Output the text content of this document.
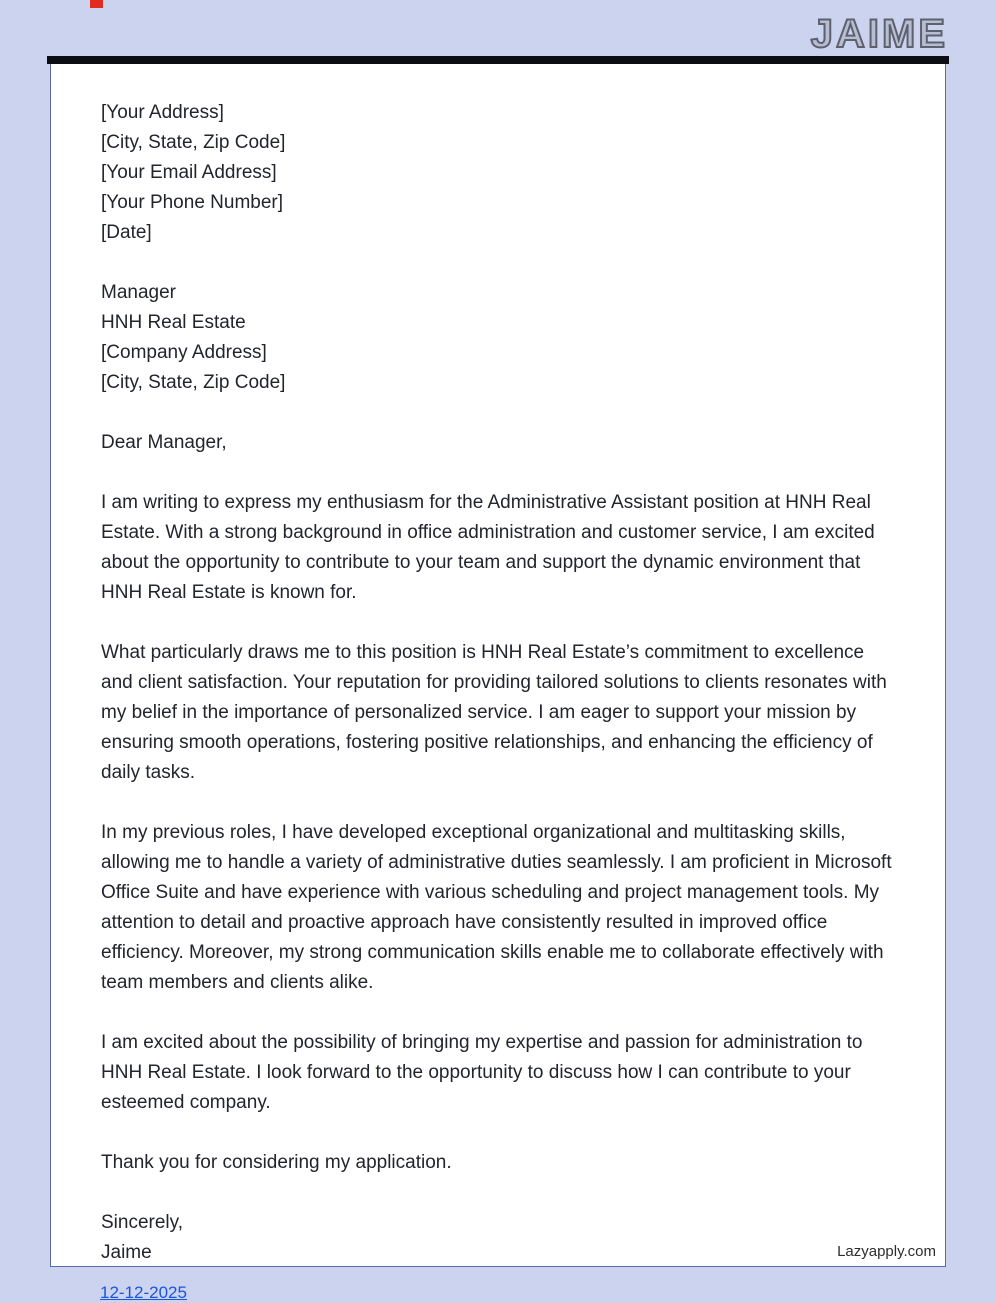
JAIME
[Your Address]
[City, State, Zip Code]
[Your Email Address]
[Your Phone Number]
[Date]
Manager
HNH Real Estate
[Company Address]
[City, State, Zip Code]

Dear Manager,

I am writing to express my enthusiasm for the Administrative Assistant position at HNH Real Estate. With a strong background in office administration and customer service, I am excited about the opportunity to contribute to your team and support the dynamic environment that HNH Real Estate is known for.

What particularly draws me to this position is HNH Real Estate’s commitment to excellence and client satisfaction. Your reputation for providing tailored solutions to clients resonates with my belief in the importance of personalized service. I am eager to support your mission by ensuring smooth operations, fostering positive relationships, and enhancing the efficiency of daily tasks.

In my previous roles, I have developed exceptional organizational and multitasking skills, allowing me to handle a variety of administrative duties seamlessly. I am proficient in Microsoft Office Suite and have experience with various scheduling and project management tools. My attention to detail and proactive approach have consistently resulted in improved office efficiency. Moreover, my strong communication skills enable me to collaborate effectively with team members and clients alike.

I am excited about the possibility of bringing my expertise and passion for administration to HNH Real Estate. I look forward to the opportunity to discuss how I can contribute to your esteemed company.

Thank you for considering my application.

Sincerely,

Jaime	Lazyapply.com
12-12-2025
